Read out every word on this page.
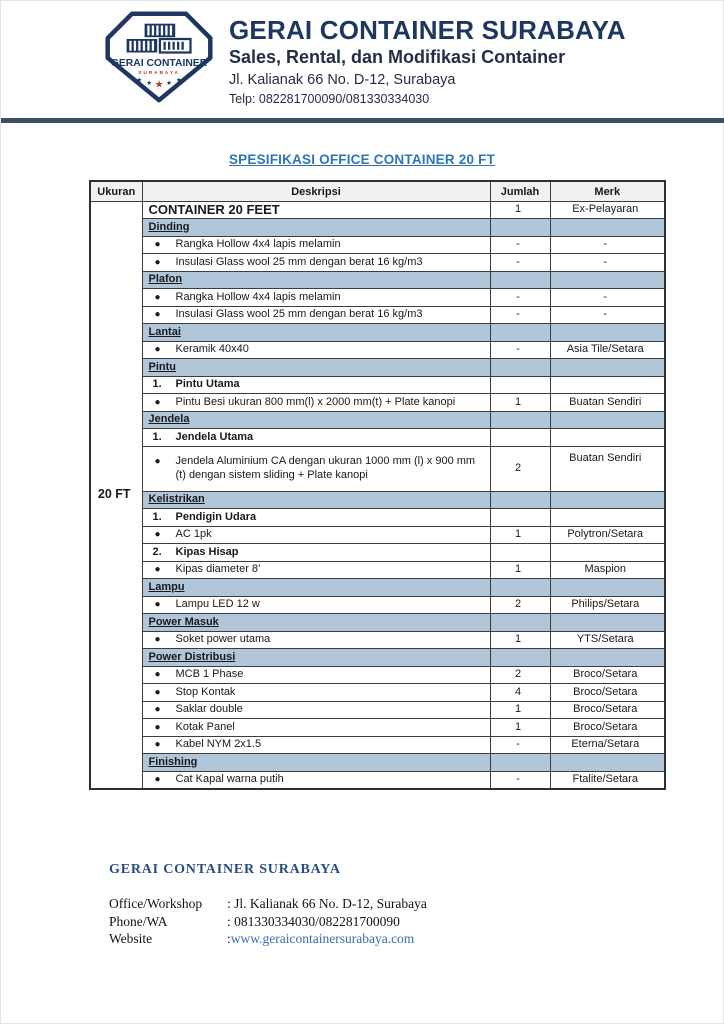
GERAI CONTAINER
SURABAYA
★ ★ ★ ★ ★
GERAI CONTAINER SURABAYA
Sales, Rental, dan Modifikasi Container
Jl. Kalianak 66 No. D-12, Surabaya
Telp: 082281700090/081330334030
SPESIFIKASI OFFICE CONTAINER 20 FT
Ukuran	Deskripsi	Jumlah	Merk
20 FT	CONTAINER 20 FEET	1	Ex-Pelayaran
	Dinding		

	● Rangka Hollow 4x4 lapis melamin	-	-

	● Insulasi Glass wool 25 mm dengan berat 16 kg/m3	-	-
	Plafon		

	● Rangka Hollow 4x4 lapis melamin	-	-

	● Insulasi Glass wool 25 mm dengan berat 16 kg/m3	-	-
	Lantai		

	● Keramik 40x40	-	Asia Tile/Setara
	Pintu		

	1. Pintu Utama		

	● Pintu Besi ukuran 800 mm(l) x 2000 mm(t) + Plate kanopi	1	Buatan Sendiri
	Jendela		

	1. Jendela Utama		

	● Jendela Aluminium CA dengan ukuran 1000 mm (l) x 900 mm (t) dengan sistem sliding + Plate kanopi	2	Buatan Sendiri
	Kelistrikan		

	1. Pendigin Udara		

	● AC 1pk	1	Polytron/Setara

	2. Kipas Hisap		

	● Kipas diameter 8’	1	Maspion
	Lampu		

	● Lampu LED 12 w	2	Philips/Setara
	Power Masuk		

	● Soket power utama	1	YTS/Setara
	Power Distribusi		

	● MCB 1 Phase	2	Broco/Setara

	● Stop Kontak	4	Broco/Setara

	● Saklar double	1	Broco/Setara

	● Kotak Panel	1	Broco/Setara

	● Kabel NYM 2x1.5	-	Eterna/Setara
	Finishing		

	● Cat Kapal warna putih	-	Ftalite/Setara
GERAI CONTAINER SURABAYA
Office/Workshop	: Jl. Kalianak 66 No. D-12, Surabaya
Phone/WA	: 081330334030/082281700090
Website	: www.geraicontainersurabaya.com
